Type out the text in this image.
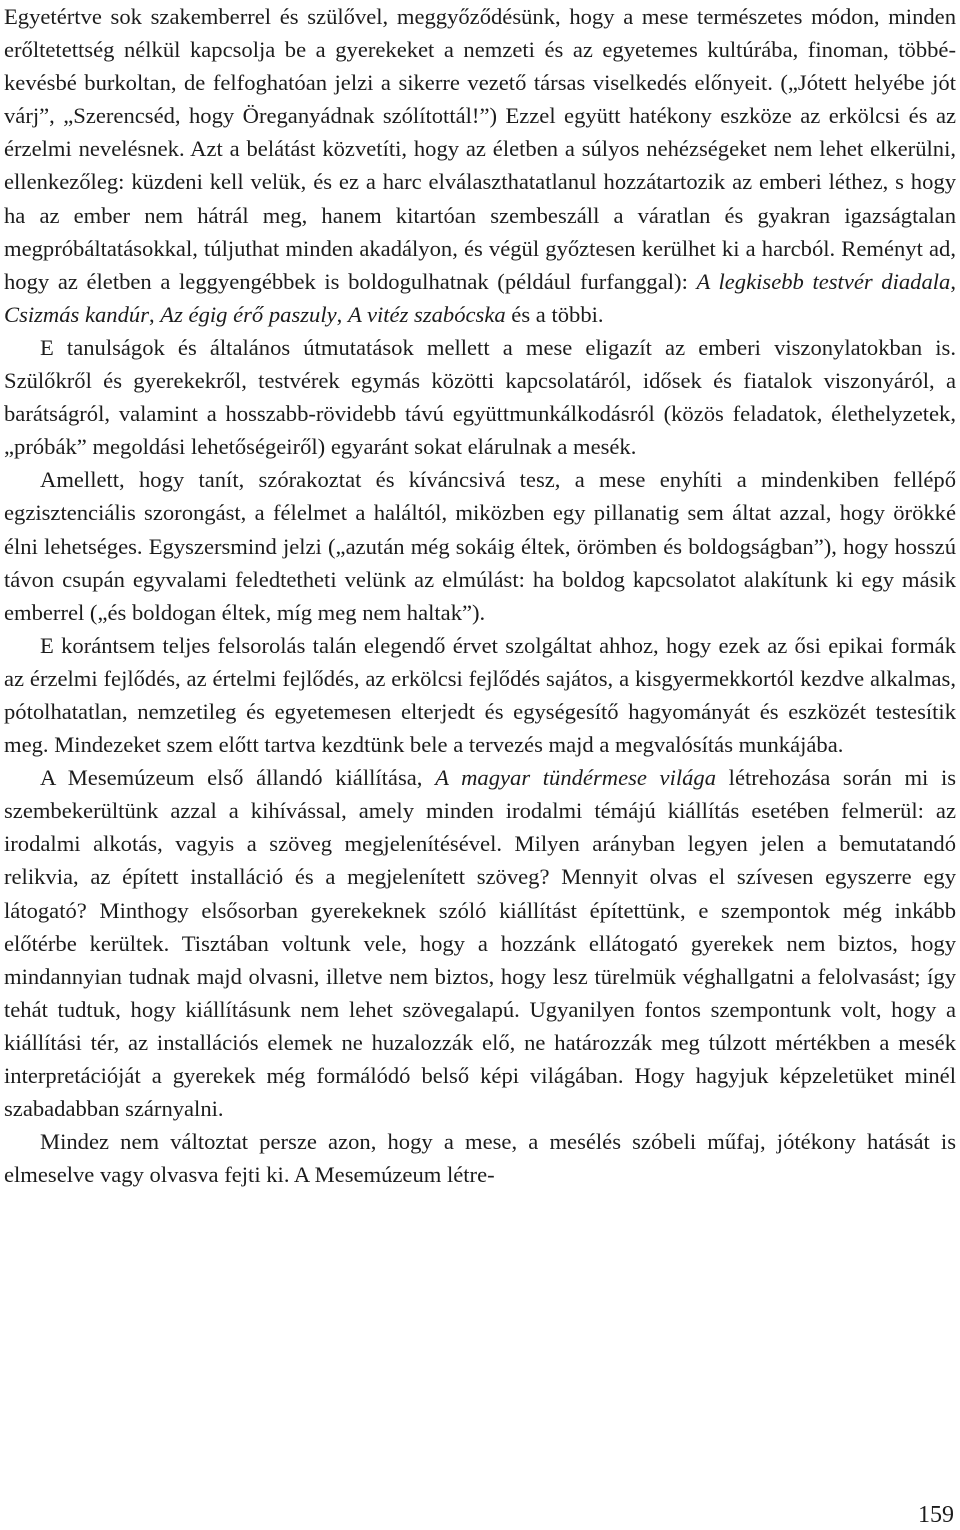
Egyetértve sok szakemberrel és szülővel, meggyőződésünk, hogy a mese természetes módon, minden erőltetettség nélkül kapcsolja be a gyerekeket a nemzeti és az egyetemes kultúrába, finoman, többé-kevésbé burkoltan, de felfoghatóan jelzi a sikerre vezető társas viselkedés előnyeit. („Jótett helyébe jót várj”, „Szerencséd, hogy Öreganyádnak szólítottál!”) Ezzel együtt hatékony eszköze az erkölcsi és az érzelmi nevelésnek. Azt a belátást közvetíti, hogy az életben a súlyos nehézségeket nem lehet elkerülni, ellenkezőleg: küzdeni kell velük, és ez a harc elválaszthatatlanul hozzátartozik az emberi léthez, s hogy ha az ember nem hátrál meg, hanem kitartóan szembeszáll a váratlan és gyakran igazságtalan megpróbáltatásokkal, túljuthat minden akadályon, és végül győztesen kerülhet ki a harcból. Reményt ad, hogy az életben a leggyengébbek is boldogulhatnak (például furfanggal): A legkisebb testvér diadala, Csizmás kandúr, Az égig érő paszuly, A vitéz szabócska és a többi.

E tanulságok és általános útmutatások mellett a mese eligazít az emberi viszonylatokban is. Szülőkről és gyerekekről, testvérek egymás közötti kapcsolatáról, idősek és fiatalok viszonyáról, a barátságról, valamint a hosszabb-rövidebb távú együttmunkálkodásról (közös feladatok, élethelyzetek, „próbák” megoldási lehetőségeiről) egyaránt sokat elárulnak a mesék.

Amellett, hogy tanít, szórakoztat és kíváncsivá tesz, a mese enyhíti a mindenkiben fellépő egzisztenciális szorongást, a félelmet a haláltól, miközben egy pillanatig sem áltat azzal, hogy örökké élni lehetséges. Egyszersmind jelzi („azután még sokáig éltek, örömben és boldogságban”), hogy hosszú távon csupán egyvalami feledtetheti velünk az elmúlást: ha boldog kapcsolatot alakítunk ki egy másik emberrel („és boldogan éltek, míg meg nem haltak”).

E korántsem teljes felsorolás talán elegendő érvet szolgáltat ahhoz, hogy ezek az ősi epikai formák az érzelmi fejlődés, az értelmi fejlődés, az erkölcsi fejlődés sajátos, a kisgyermekkortól kezdve alkalmas, pótolhatatlan, nemzetileg és egyetemesen elterjedt és egységesítő hagyományát és eszközét testesítik meg. Mindezeket szem előtt tartva kezdtünk bele a tervezés majd a megvalósítás munkájába.

A Mesemúzeum első állandó kiállítása, A magyar tündérmese világa létrehozása során mi is szembekerültünk azzal a kihívással, amely minden irodalmi témájú kiállítás esetében felmerül: az irodalmi alkotás, vagyis a szöveg megjelenítésével. Milyen arányban legyen jelen a bemutatandó relikvia, az épített installáció és a megjelenített szöveg? Mennyit olvas el szívesen egyszerre egy látogató? Minthogy elsősorban gyerekeknek szóló kiállítást építettünk, e szempontok még inkább előtérbe kerültek. Tisztában voltunk vele, hogy a hozzánk ellátogató gyerekek nem biztos, hogy mindannyian tudnak majd olvasni, illetve nem biztos, hogy lesz türelmük véghallgatni a felolvasást; így tehát tudtuk, hogy kiállításunk nem lehet szövegalapú. Ugyanilyen fontos szempontunk volt, hogy a kiállítási tér, az installációs elemek ne huzalozzák elő, ne határozzák meg túlzott mértékben a mesék interpretációját a gyerekek még formálódó belső képi világában. Hogy hagyjuk képzeletüket minél szabadabban szárnyalni.

Mindez nem változtat persze azon, hogy a mese, a mesélés szóbeli műfaj, jótékony hatását is elmeselve vagy olvasva fejti ki. A Mesemúzeum létre-

159
